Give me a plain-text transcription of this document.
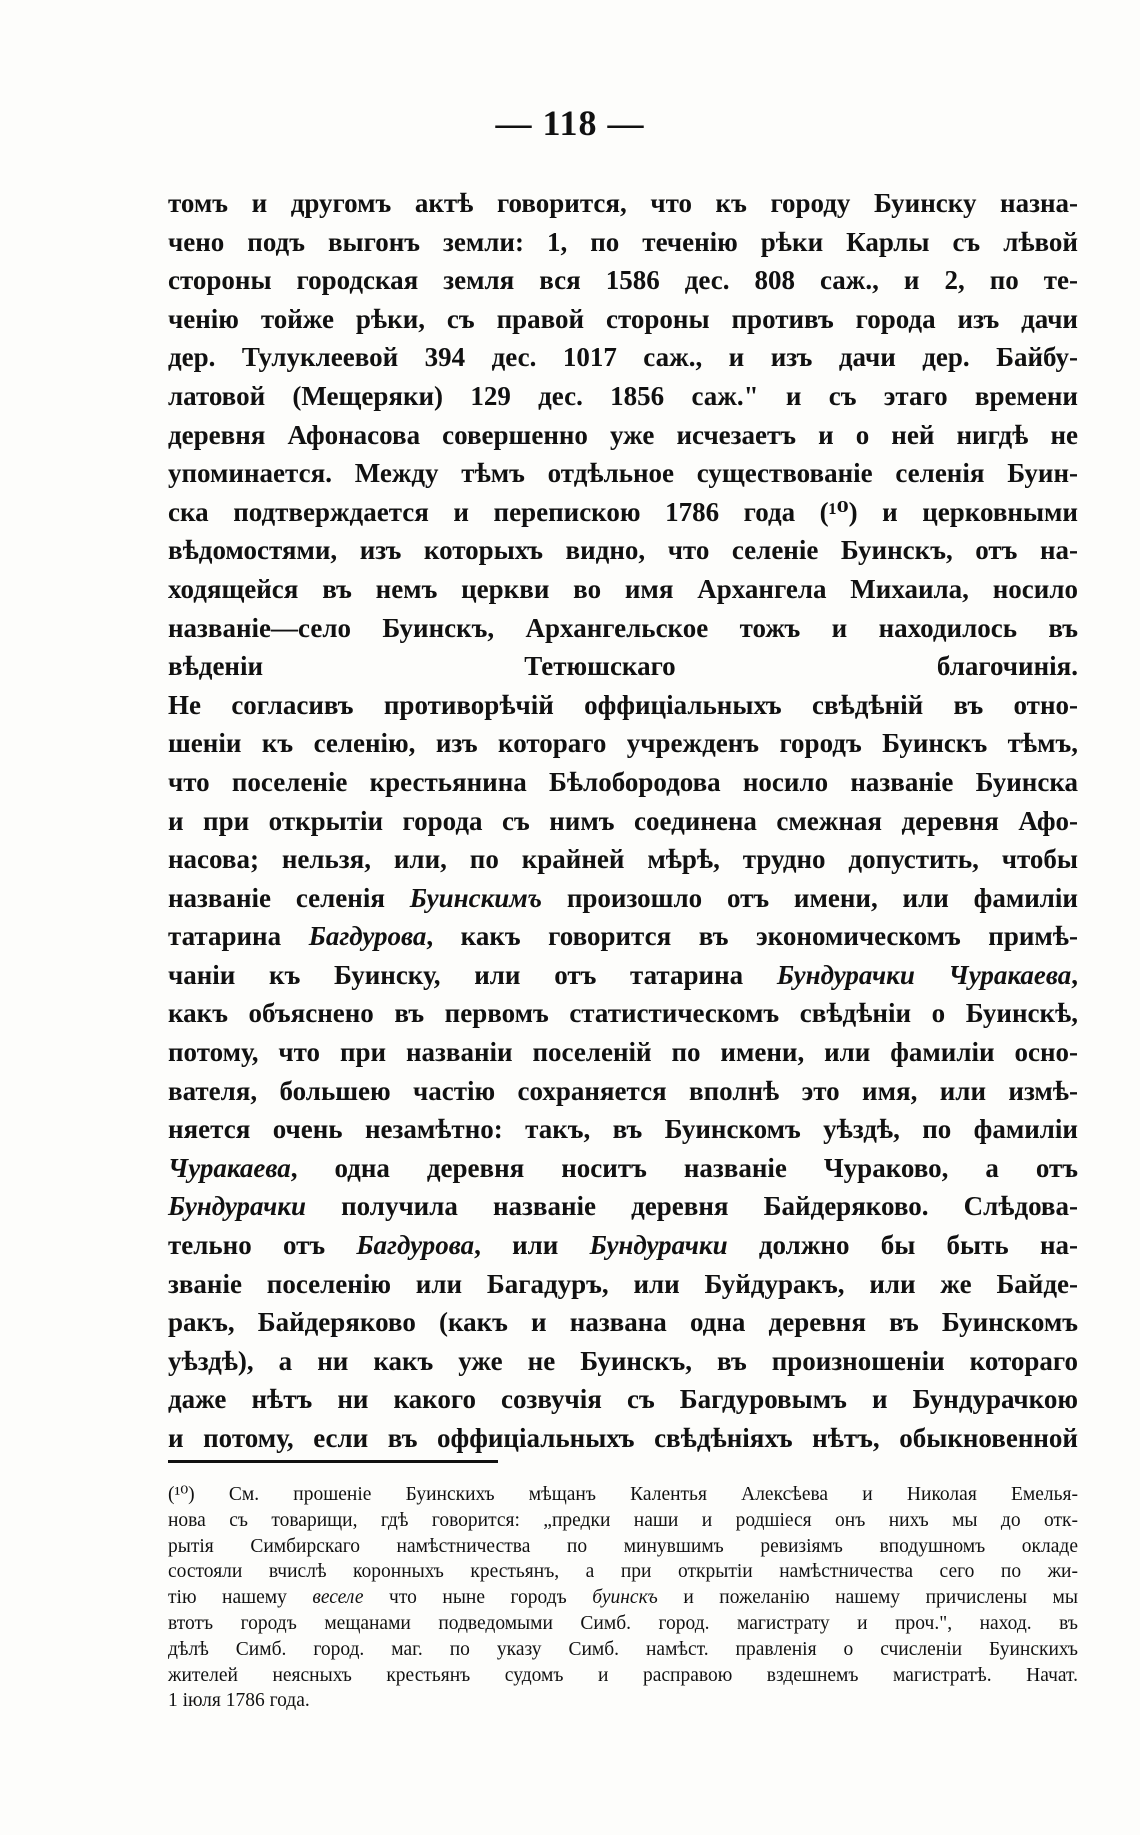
— 118 —
томъ и другомъ актѣ говорится, что къ городу Буинску назна-
чено подъ выгонъ земли: 1, по теченію рѣки Карлы съ лѣвой
стороны городская земля вся 1586 дес. 808 саж., и 2, по те-
ченію тойже рѣки, съ правой стороны противъ города изъ дачи
дер. Тулуклеевой 394 дес. 1017 саж., и изъ дачи дер. Байбу-
латовой (Мещеряки) 129 дес. 1856 саж." и съ этаго времени
деревня Афонасова совершенно уже исчезаетъ и о ней нигдѣ не
упоминается. Между тѣмъ отдѣльное существованіе селенія Буин-
ска подтверждается и перепискою 1786 года (¹⁰) и церковными
вѣдомостями, изъ которыхъ видно, что селеніе Буинскъ, отъ на-
ходящейся въ немъ церкви во имя Архангела Михаила, носило
названіе—село Буинскъ, Архангельское тожъ и находилось въ
вѣденіи Тетюшскаго благочинія.
Не согласивъ противорѣчій оффиціальныхъ свѣдѣній въ отно-
шеніи къ селенію, изъ котораго учрежденъ городъ Буинскъ тѣмъ,
что поселеніе крестьянина Бѣлобородова носило названіе Буинска
и при открытіи города съ нимъ соединена смежная деревня Афо-
насова; нельзя, или, по крайней мѣрѣ, трудно допустить, чтобы
названіе селенія Буинскимъ произошло отъ имени, или фамиліи
татарина Багдурова, какъ говорится въ экономическомъ примѣ-
чаніи къ Буинску, или отъ татарина Бундурачки Чуракаева,
какъ объяснено въ первомъ статистическомъ свѣдѣніи о Буинскѣ,
потому, что при названіи поселеній по имени, или фамиліи осно-
вателя, большею частію сохраняется вполнѣ это имя, или измѣ-
няется очень незамѣтно: такъ, въ Буинскомъ уѣздѣ, по фамиліи
Чуракаева, одна деревня носитъ названіе Чураково, а отъ
Бундурачки получила названіе деревня Байдеряково. Слѣдова-
тельно отъ Багдурова, или Бундурачки должно бы быть на-
званіе поселенію или Багадуръ, или Буйдуракъ, или же Байде-
ракъ, Байдеряково (какъ и названа одна деревня въ Буинскомъ
уѣздѣ), а ни какъ уже не Буинскъ, въ произношеніи котораго
даже нѣтъ ни какого созвучія съ Багдуровымъ и Бундурачкою
и потому, если въ оффиціальныхъ свѣдѣніяхъ нѣтъ, обыкновенной
(¹⁰) См. прошеніе Буинскихъ мѣщанъ Калентья Алексѣева и Николая Емелья-
нова съ товарищи, гдѣ говорится: „предки наши и родшіеся онъ нихъ мы до отк-
рытія Симбирскаго намѣстничества по минувшимъ ревизіямъ вподушномъ окладе
состояли вчислѣ коронныхъ крестьянъ, а при открытіи намѣстничества сего по жи-
тію нашему веселе что ныне городъ буинскъ и пожеланію нашему причислены мы
втотъ городъ мещанами подведомыми Симб. город. магистрату и проч.", наход. въ
дѣлѣ Симб. город. маг. по указу Симб. намѣст. правленія о счисленіи Буинскихъ
жителей неясныхъ крестьянъ судомъ и расправою вздешнемъ магистратѣ. Начат.
1 іюля 1786 года.
